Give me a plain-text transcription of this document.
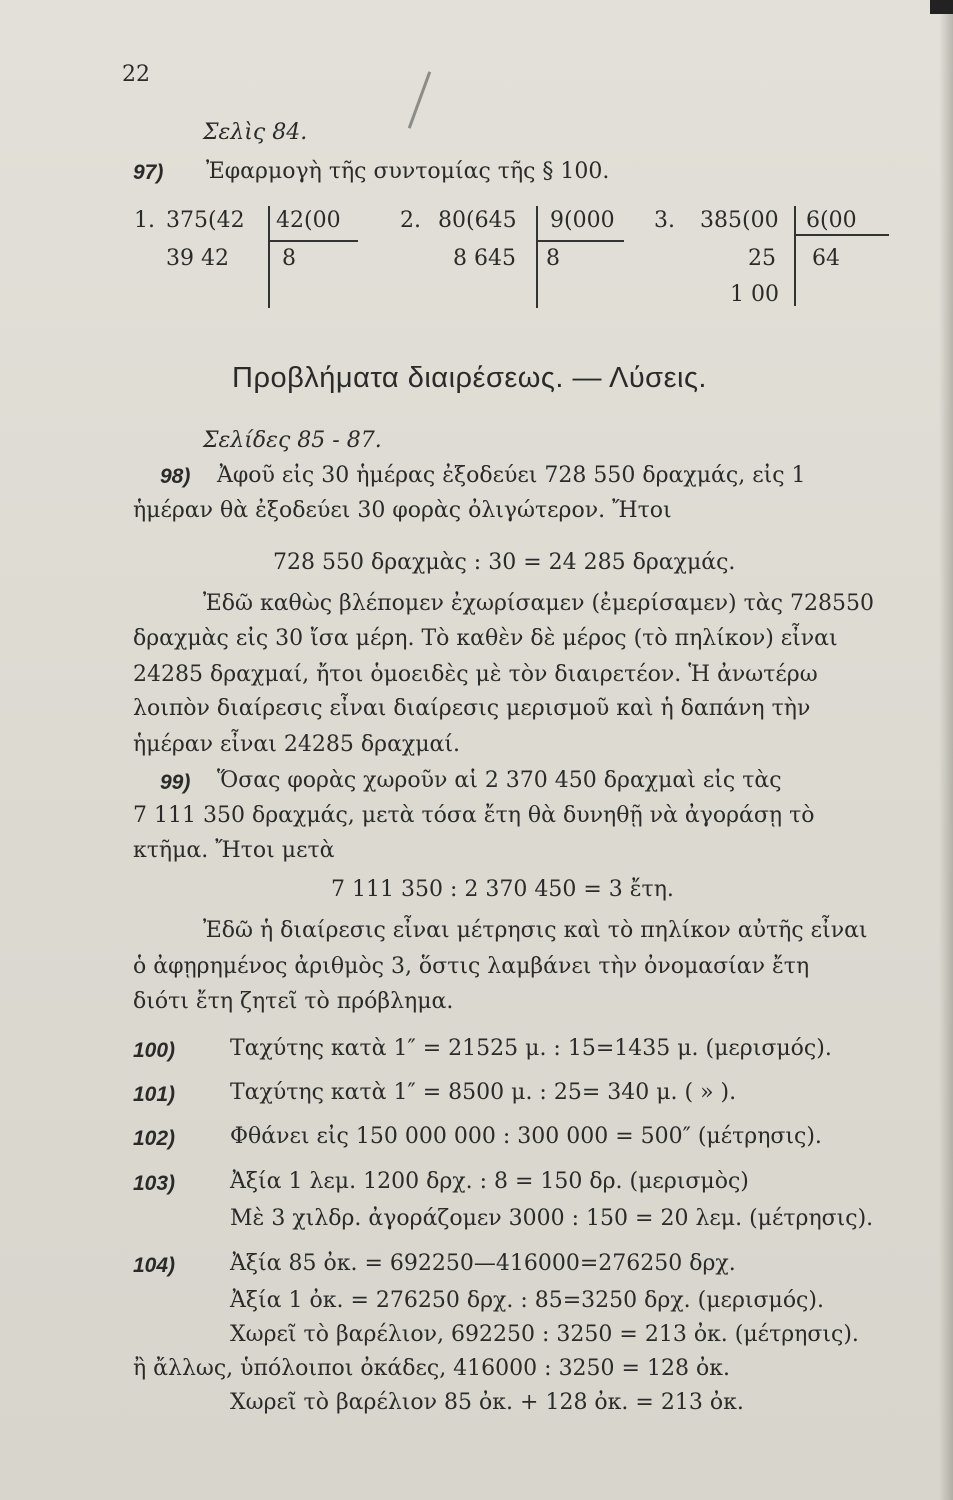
22
Σελὶς 84.
97) Ἐφαρμογὴ τῆς συντομίας τῆς § 100.
1. 375(42 42(00
39 42 8
2. 80(645 9(000
8 645 8
3. 385(00 6(00
25 64
1 00
Προβλήματα διαιρέσεως. — Λύσεις.
Σελίδες 85 - 87.
98) Ἀφοῦ εἰς 30 ἡμέρας ἐξοδεύει 728 550 δραχμάς, εἰς 1
ἡμέραν θὰ ἐξοδεύει 30 φορὰς ὀλιγώτερον. Ἤτοι
728 550 δραχμὰς : 30 = 24 285 δραχμάς.
Ἐδῶ καθὼς βλέπομεν ἐχωρίσαμεν (ἐμερίσαμεν) τὰς 728550
δραχμὰς εἰς 30 ἴσα μέρη. Τὸ καθὲν δὲ μέρος (τὸ πηλίκον) εἶναι
24285 δραχμαί, ἤτοι ὁμοειδὲς μὲ τὸν διαιρετέον. Ἡ ἀνωτέρω
λοιπὸν διαίρεσις εἶναι διαίρεσις μερισμοῦ καὶ ἡ δαπάνη τὴν
ἡμέραν εἶναι 24285 δραχμαί.
99) Ὅσας φορὰς χωροῦν αἱ 2 370 450 δραχμαὶ εἰς τὰς
7 111 350 δραχμάς, μετὰ τόσα ἔτη θὰ δυνηθῇ νὰ ἀγοράσῃ τὸ
κτῆμα. Ἤτοι μετὰ
7 111 350 : 2 370 450 = 3 ἔτη.
Ἐδῶ ἡ διαίρεσις εἶναι μέτρησις καὶ τὸ πηλίκον αὐτῆς εἶναι
ὁ ἀφῃρημένος ἀριθμὸς 3, ὅστις λαμβάνει τὴν ὀνομασίαν ἔτη
διότι ἔτη ζητεῖ τὸ πρόβλημα.
100) Ταχύτης κατὰ 1″ = 21525 μ. : 15=1435 μ. (μερισμός).
101) Ταχύτης κατὰ 1″ = 8500 μ. : 25= 340 μ. ( » ).
102) Φθάνει εἰς 150 000 000 : 300 000 = 500″ (μέτρησις).
103) Ἀξία 1 λεμ. 1200 δρχ. : 8 = 150 δρ. (μερισμὸς)
Μὲ 3 χιλδρ. ἀγοράζομεν 3000 : 150 = 20 λεμ. (μέτρησις).
104) Ἀξία 85 ὀκ. = 692250—416000=276250 δρχ.
Ἀξία 1 ὀκ. = 276250 δρχ. : 85=3250 δρχ. (μερισμός).
Χωρεῖ τὸ βαρέλιον, 692250 : 3250 = 213 ὀκ. (μέτρησις).
ἢ ἄλλως, ὑπόλοιποι ὀκάδες, 416000 : 3250 = 128 ὀκ.
Χωρεῖ τὸ βαρέλιον 85 ὀκ. + 128 ὀκ. = 213 ὀκ.
